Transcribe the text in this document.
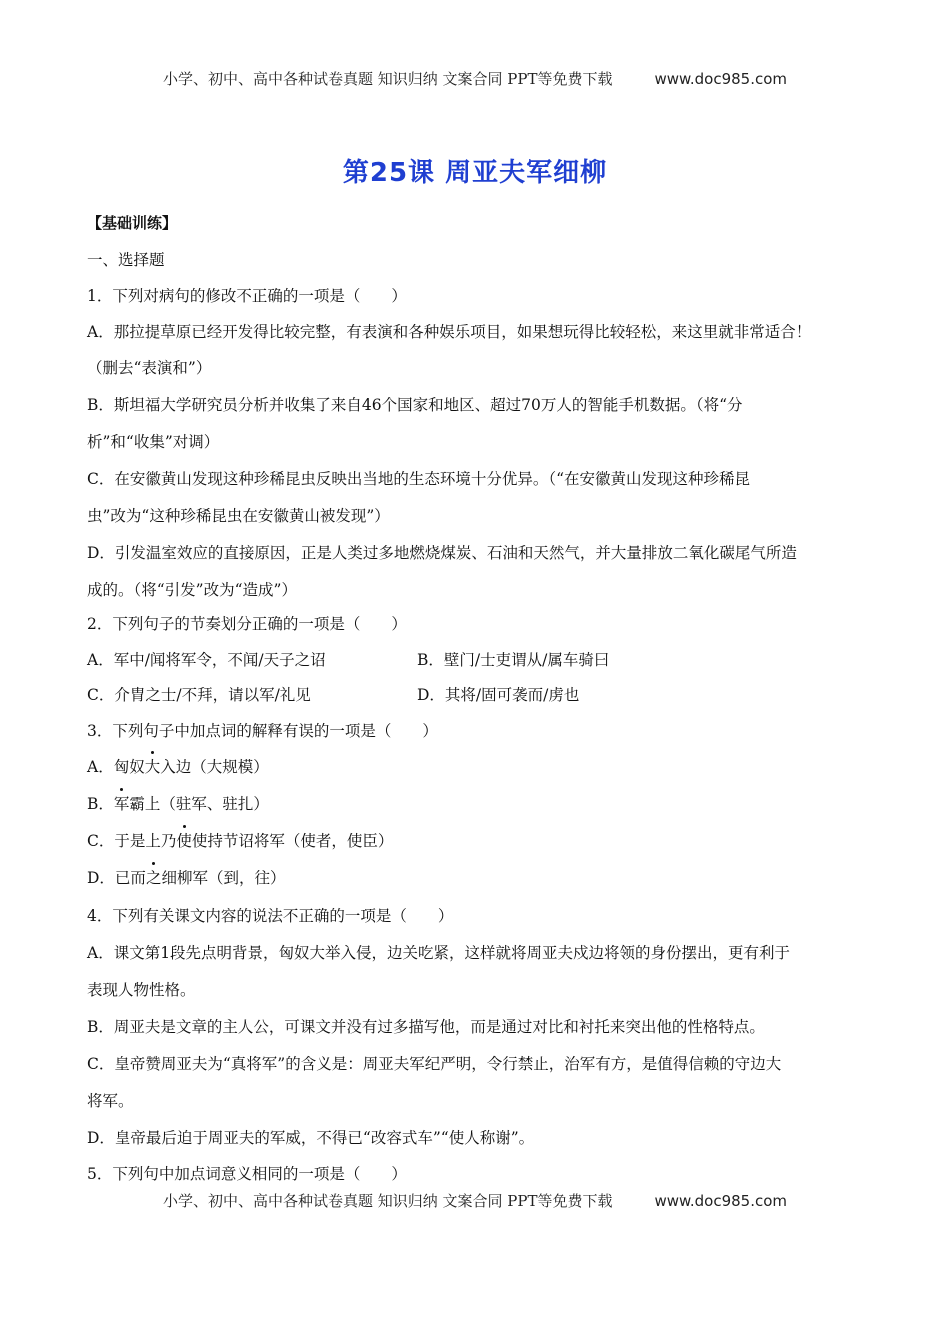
小学、初中、高中各种试卷真题 知识归纳 文案合同 PPT等免费下载	www.doc985.com
第25课 周亚夫军细柳
【基础训练】
一、选择题
1．下列对病句的修改不正确的一项是（　　）
A．那拉提草原已经开发得比较完整，有表演和各种娱乐项目，如果想玩得比较轻松，来这里就非常适合！
（删去“表演和”）
B．斯坦福大学研究员分析并收集了来自46个国家和地区、超过70万人的智能手机数据。（将“分
析”和“收集”对调）
C．在安徽黄山发现这种珍稀昆虫反映出当地的生态环境十分优异。（“在安徽黄山发现这种珍稀昆
虫”改为“这种珍稀昆虫在安徽黄山被发现”）
D．引发温室效应的直接原因，正是人类过多地燃烧煤炭、石油和天然气，并大量排放二氧化碳尾气所造
成的。（将“引发”改为“造成”）
2．下列句子的节奏划分正确的一项是（　　）
A．军中/闻将军令，不闻/天子之诏	B．壁门/士吏谓从/属车骑曰
C．介胄之士/不拜，请以军/礼见	D．其将/固可袭而/虏也
3．下列句子中加点词的解释有误的一项是（　　）
A．匈奴大入边（大规模）
B．军霸上（驻军、驻扎）
C．于是上乃使使持节诏将军（使者，使臣）
D．已而之细柳军（到，往）
4．下列有关课文内容的说法不正确的一项是（　　）
A．课文第1段先点明背景，匈奴大举入侵，边关吃紧，这样就将周亚夫戍边将领的身份摆出，更有利于
表现人物性格。
B．周亚夫是文章的主人公，可课文并没有过多描写他，而是通过对比和衬托来突出他的性格特点。
C．皇帝赞周亚夫为“真将军”的含义是：周亚夫军纪严明，令行禁止，治军有方，是值得信赖的守边大
将军。
D．皇帝最后迫于周亚夫的军威，不得已“改容式车”“使人称谢”。
5．下列句中加点词意义相同的一项是（　　）
小学、初中、高中各种试卷真题 知识归纳 文案合同 PPT等免费下载	www.doc985.com
